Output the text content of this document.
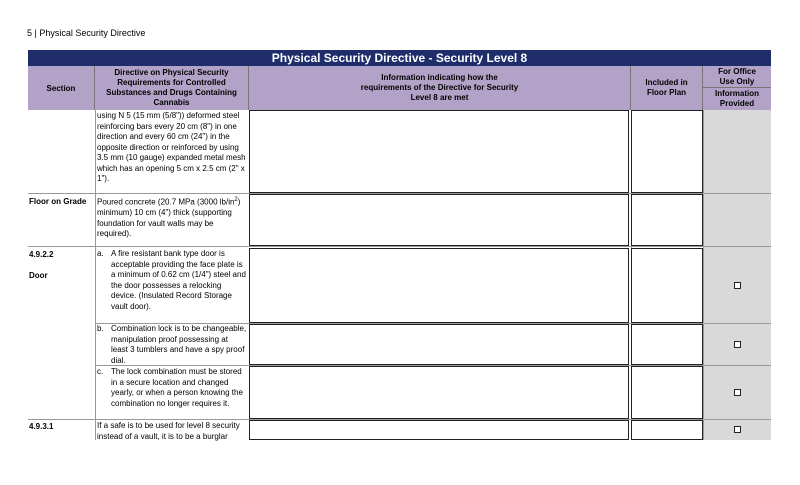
5 | Physical Security Directive
Physical Security Directive - Security Level 8
Section
Directive on Physical Security Requirements for Controlled Substances and Drugs Containing Cannabis
Information indicating how the requirements of the Directive for Security Level 8 are met
Included in Floor Plan
For Office Use Only
Information Provided
using N 5 (15 mm (5/8")) deformed steel reinforcing bars every 20 cm (8") in one direction and every 60 cm (24") in the opposite direction or reinforced by using 3.5 mm (10 gauge) expanded metal mesh which has an opening 5 cm x 2.5 cm (2" x 1").
Floor on Grade	Poured concrete (20.7 MPa (3000 $lb/in^2$) minimum) 10 cm (4") thick (supporting foundation for vault walls may be required).
4.9.2.2
Door
a. A fire resistant bank type door is acceptable providing the face plate is a minimum of 0.62 cm (1/4") steel and the door possesses a relocking device. (Insulated Record Storage vault door).
b. Combination lock is to be changeable, manipulation proof possessing at least 3 tumblers and have a spy proof dial.
c. The lock combination must be stored in a secure location and changed yearly, or when a person knowing the combination no longer requires it.
4.9.3.1	If a safe is to be used for level 8 security instead of a vault, it is to be a burglar
